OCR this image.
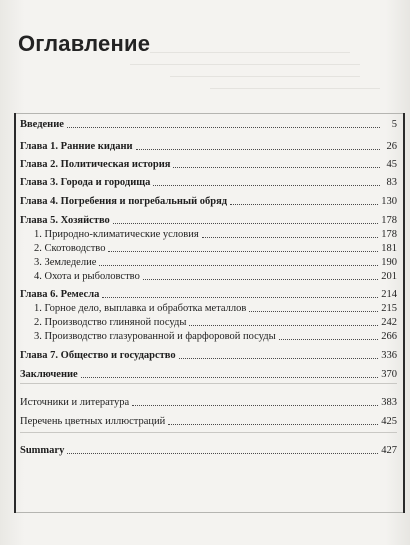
Оглавление
Введение	5
Глава 1. Ранние кидани	26
Глава 2. Политическая история	45
Глава 3. Города и городища	83
Глава 4. Погребения и погребальный обряд	130
Глава 5. Хозяйство	178
1. Природно-климатические условия	178
2. Скотоводство	181
3. Земледелие	190
4. Охота и рыболовство	201
Глава 6. Ремесла	214
1. Горное дело, выплавка и обработка металлов	215
2. Производство глиняной посуды	242
3. Производство глазурованной и фарфоровой посуды	266
Глава 7. Общество и государство	336
Заключение	370
Источники и литература	383
Перечень цветных иллюстраций	425
Summary	427
